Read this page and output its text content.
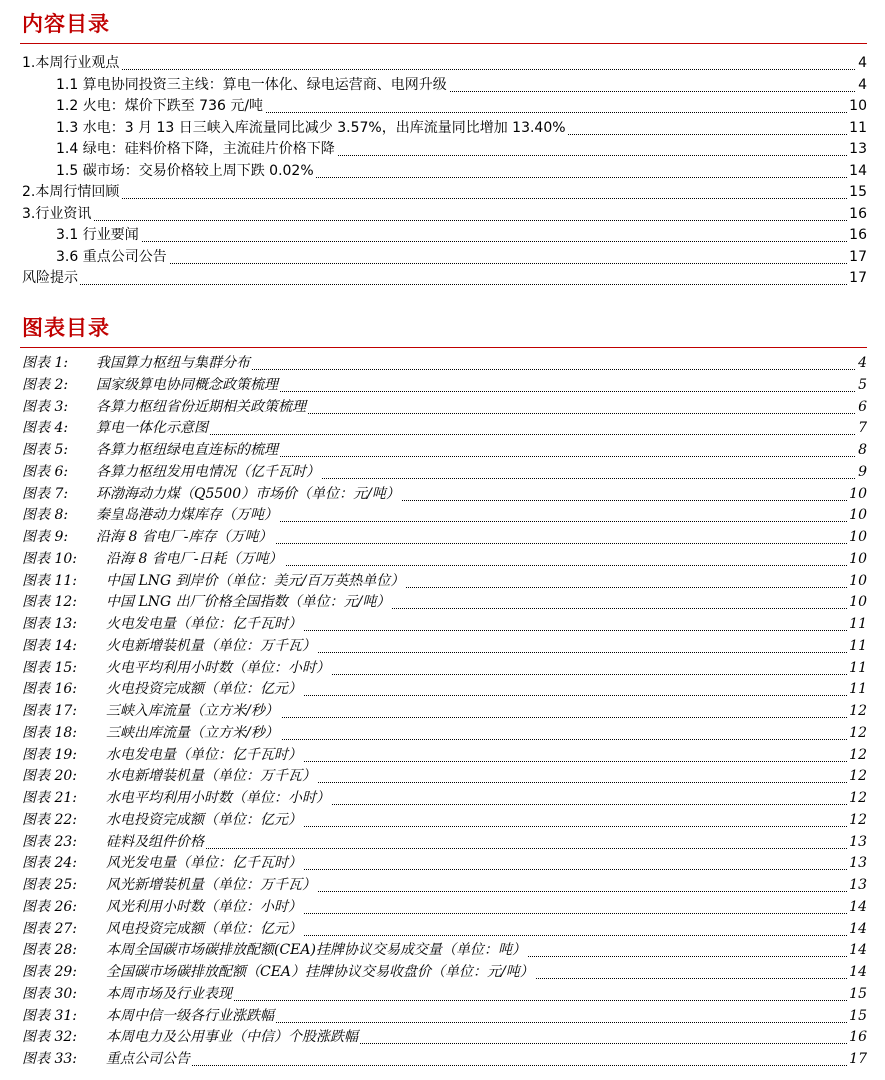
内容目录
1.本周行业观点	4
1.1 算电协同投资三主线：算电一体化、绿电运营商、电网升级	4
1.2 火电：煤价下跌至 736 元/吨	10
1.3 水电：3 月 13 日三峡入库流量同比减少 3.57%，出库流量同比增加 13.40%	11
1.4 绿电：硅料价格下降，主流硅片价格下降	13
1.5 碳市场：交易价格较上周下跌 0.02%	14
2.本周行情回顾	15
3.行业资讯	16
3.1 行业要闻	16
3.6 重点公司公告	17
风险提示	17
图表目录
图表 1: 我国算力枢纽与集群分布	4
图表 2: 国家级算电协同概念政策梳理	5
图表 3: 各算力枢纽省份近期相关政策梳理	6
图表 4: 算电一体化示意图	7
图表 5: 各算力枢纽绿电直连标的梳理	8
图表 6: 各算力枢纽发用电情况（亿千瓦时）	9
图表 7: 环渤海动力煤（Q5500）市场价（单位：元/吨）	10
图表 8: 秦皇岛港动力煤库存（万吨）	10
图表 9: 沿海 8 省电厂-库存（万吨）	10
图表 10: 沿海 8 省电厂-日耗（万吨）	10
图表 11: 中国 LNG 到岸价（单位：美元/百万英热单位）	10
图表 12: 中国 LNG 出厂价格全国指数（单位：元/吨）	10
图表 13: 火电发电量（单位：亿千瓦时）	11
图表 14: 火电新增装机量（单位：万千瓦）	11
图表 15: 火电平均利用小时数（单位：小时）	11
图表 16: 火电投资完成额（单位：亿元）	11
图表 17: 三峡入库流量（立方米/秒）	12
图表 18: 三峡出库流量（立方米/秒）	12
图表 19: 水电发电量（单位：亿千瓦时）	12
图表 20: 水电新增装机量（单位：万千瓦）	12
图表 21: 水电平均利用小时数（单位：小时）	12
图表 22: 水电投资完成额（单位：亿元）	12
图表 23: 硅料及组件价格	13
图表 24: 风光发电量（单位：亿千瓦时）	13
图表 25: 风光新增装机量（单位：万千瓦）	13
图表 26: 风光利用小时数（单位：小时）	14
图表 27: 风电投资完成额（单位：亿元）	14
图表 28: 本周全国碳市场碳排放配额(CEA)挂牌协议交易成交量（单位：吨）	14
图表 29: 全国碳市场碳排放配额（CEA）挂牌协议交易收盘价（单位：元/吨）	14
图表 30: 本周市场及行业表现	15
图表 31: 本周中信一级各行业涨跌幅	15
图表 32: 本周电力及公用事业（中信）个股涨跌幅	16
图表 33: 重点公司公告	17
